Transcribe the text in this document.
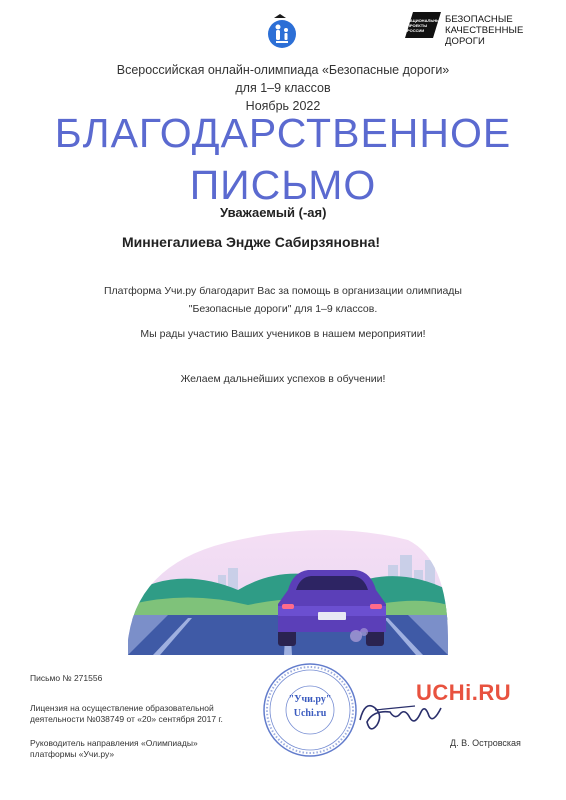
НАЦИОНАЛЬНЫЕ
ПРОЕКТЫ
РОССИИ
БЕЗОПАСНЫЕ
КАЧЕСТВЕННЫЕ ДОРОГИ
Всероссийская онлайн-олимпиада «Безопасные дороги»
для 1–9 классов
Ноябрь 2022
БЛАГОДАРСТВЕННОЕ
ПИСЬМО
Уважаемый (-ая)
Миннегалиева Эндже Сабирзяновна!
Платформа Учи.ру благодарит Вас за помощь в организации олимпиады
"Безопасные дороги" для 1–9 классов.
Мы рады участию Ваших учеников в нашем мероприятии!
Желаем дальнейших успехов в обучении!
Письмо № 271556
Лицензия на осуществление образовательной
деятельности №038749 от «20» сентября 2017 г.
Руководитель направления «Олимпиады»
платформы «Учи.ру»
"Учи.ру"
Uchi.ru
UCHi.RU
Д. В. Островская
